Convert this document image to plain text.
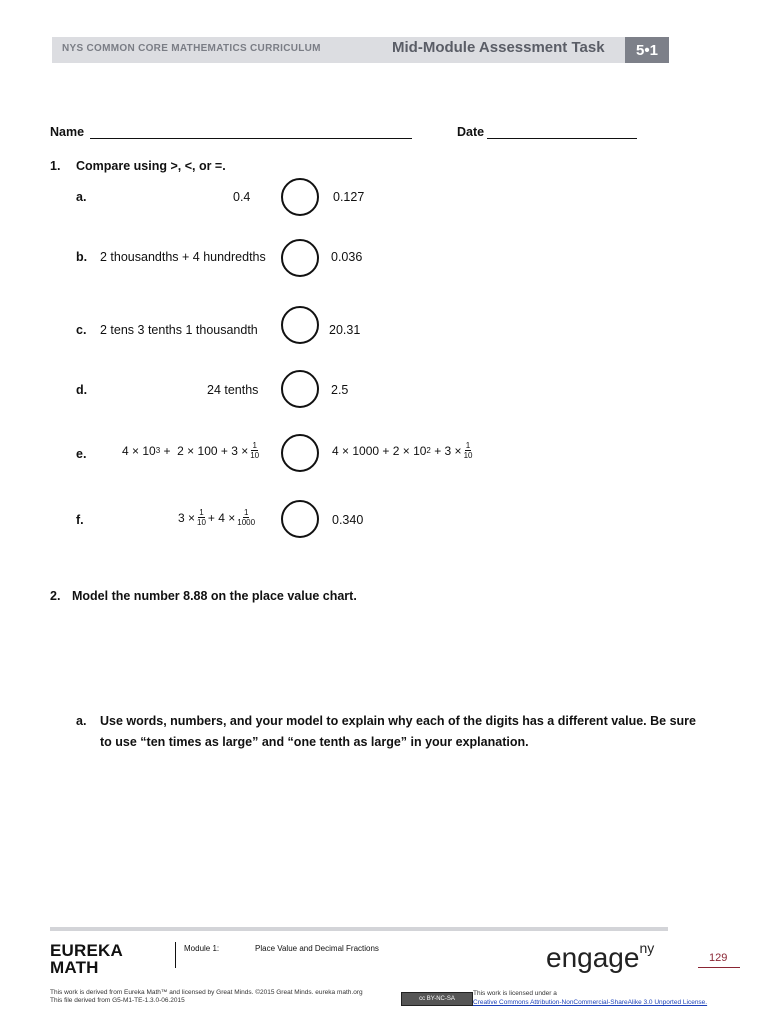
NYS COMMON CORE MATHEMATICS CURRICULUM	Mid-Module Assessment Task	5•1
Name	Date
1. Compare using >, <, or =.
a.	0.4	0.127
b. 2 thousandths + 4 hundredths	0.036
c. 2 tens 3 tenths 1 thousandth	20.31
d.	24 tenths	2.5
e.	4 × 10 $3 + 2 \times 100 + 3 \times \frac{1}{10}$	4 × 1000 + 2 × 10 $2 + 3 \times \frac{1}{10}$
f.	$3 \times \frac{1}{10} + 4 \times \frac{1}{1000}$	0.340
2. Model the number 8.88 on the place value chart.
a. Use words, numbers, and your model to explain why each of the digits has a different value. Be sure
to use “ten times as large” and “one tenth as large” in your explanation.
EUREKA
MATH
Module 1:	Place Value and Decimal Fractions	engage$^{ny}$
129
This work is derived from Eureka Math™ and licensed by Great Minds. ©2015 Great Minds. eureka math.org
This file derived from G5-M1-TE-1.3.0-06.2015	cc BY-NC-SA
This work is licensed under a
Creative Commons Attribution-NonCommercial-ShareAlike 3.0 Unported License.
